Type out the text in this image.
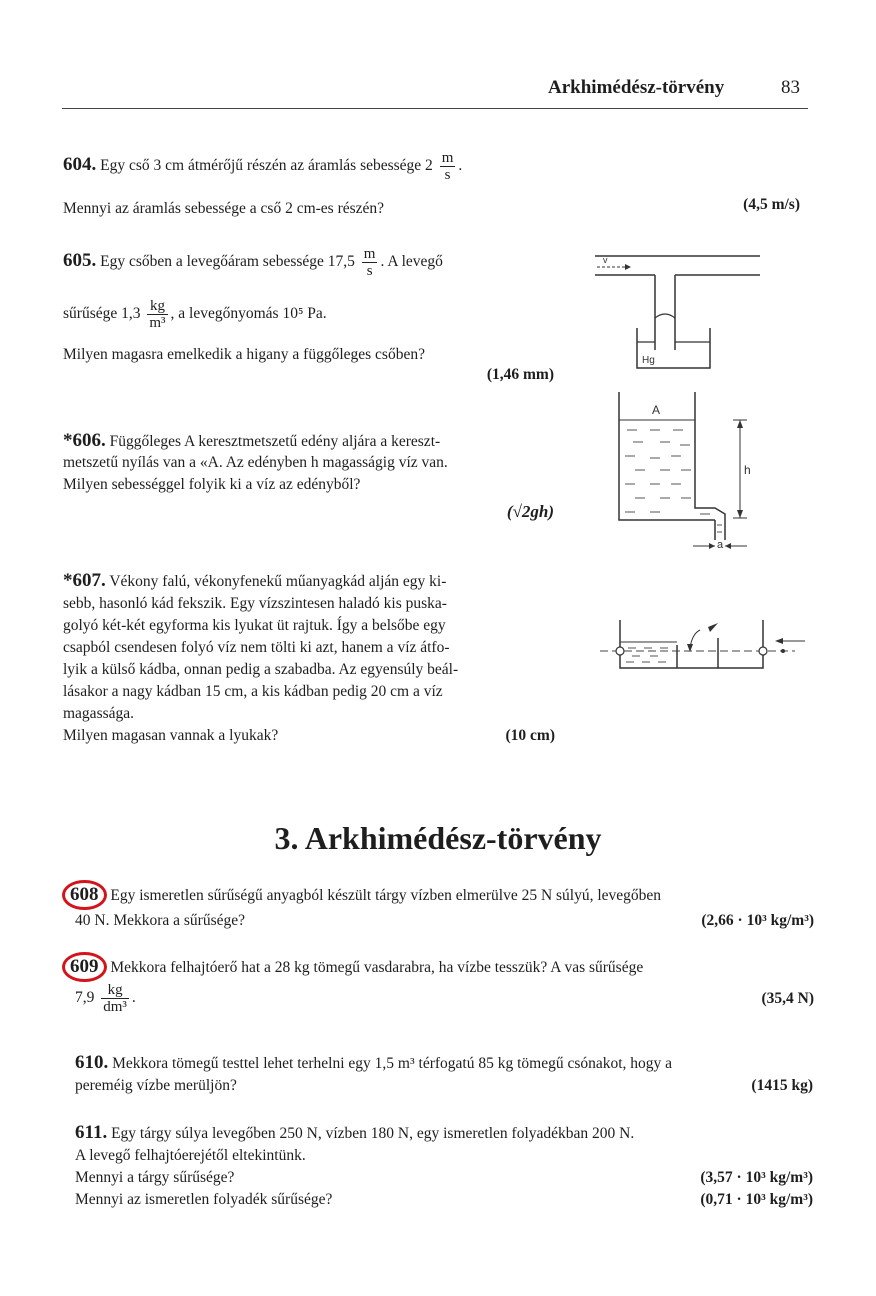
Arkhimédész-törvény	83
604. Egy cső 3 cm átmérőjű részén az áramlás sebessége $2 \frac{m}{s}$ .
Mennyi az áramlás sebessége a cső 2 cm-es részén?	(4,5 m/s)
605. Egy csőben a levegőáram sebessége $17,5 \frac{m}{s}$ . A levegő
sűrűsége $1,3 \frac{kg}{\text{m³}}$ , a levegőnyomás 10⁵ Pa.
Milyen magasra emelkedik a higany a függőleges csőben?
(1,46 mm)
v
Hg
*606. Függőleges A keresztmetszetű edény aljára a kereszt-
metszetű nyílás van a «A. Az edényben h magasságig víz van.
Milyen sebességgel folyik ki a víz az edényből?
(√2gh)
A
h
a
*607. Vékony falú, vékonyfenekű műanyagkád alján egy ki-
sebb, hasonló kád fekszik. Egy vízszintesen haladó kis puska-
golyó két-két egyforma kis lyukat üt rajtuk. Így a belsőbe egy
csapból csendesen folyó víz nem tölti ki azt, hanem a víz átfo-
lyik a külső kádba, onnan pedig a szabadba. Az egyensúly beál-
lásakor a nagy kádban 15 cm, a kis kádban pedig 20 cm a víz
magassága.
Milyen magasan vannak a lyukak?	(10 cm)
3. Arkhimédész-törvény
608 Egy ismeretlen sűrűségű anyagból készült tárgy vízben elmerülve 25 N súlyú, levegőben
40 N. Mekkora a sűrűsége?	(2,66 · 10³ kg/m³)
609 Mekkora felhajtóerő hat a 28 kg tömegű vasdarabra, ha vízbe tesszük? A vas sűrűsége
$7,9 \frac{kg}{\text{dm³}}$ .	(35,4 N)
610. Mekkora tömegű testtel lehet terhelni egy 1,5 m³ térfogatú 85 kg tömegű csónakot, hogy a
pereméig vízbe merüljön?	(1415 kg)
611. Egy tárgy súlya levegőben 250 N, vízben 180 N, egy ismeretlen folyadékban 200 N.
A levegő felhajtóerejétől eltekintünk.
Mennyi a tárgy sűrűsége?	(3,57 · 10³ kg/m³)
Mennyi az ismeretlen folyadék sűrűsége?	(0,71 · 10³ kg/m³)
